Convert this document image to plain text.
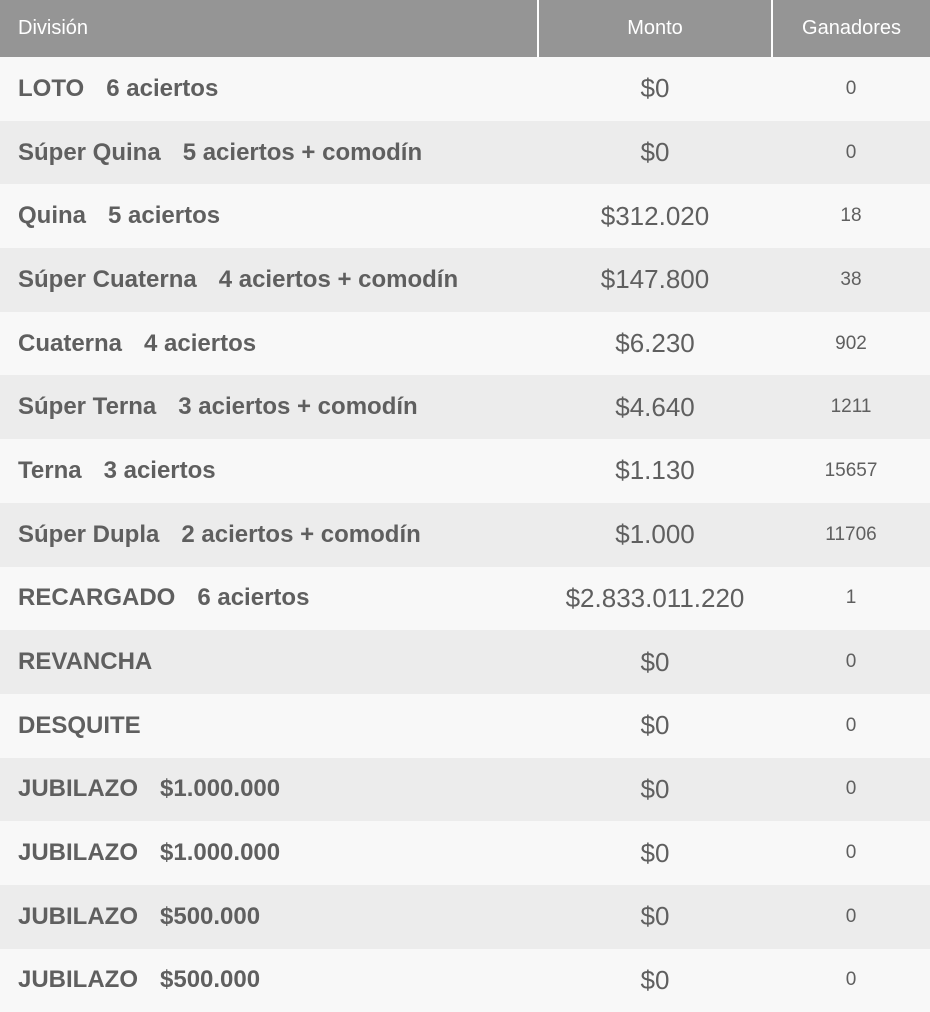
División	Monto	Ganadores
LOTO 6 aciertos	$0	0
Súper Quina 5 aciertos + comodín	$0	0
Quina 5 aciertos	$312.020	18
Súper Cuaterna 4 aciertos + comodín	$147.800	38
Cuaterna 4 aciertos	$6.230	902
Súper Terna 3 aciertos + comodín	$4.640	1211
Terna 3 aciertos	$1.130	15657
Súper Dupla 2 aciertos + comodín	$1.000	11706
RECARGADO 6 aciertos	$2.833.011.220	1
REVANCHA	$0	0
DESQUITE	$0	0
JUBILAZO $1.000.000	$0	0
JUBILAZO $1.000.000	$0	0
JUBILAZO $500.000	$0	0
JUBILAZO $500.000	$0	0
